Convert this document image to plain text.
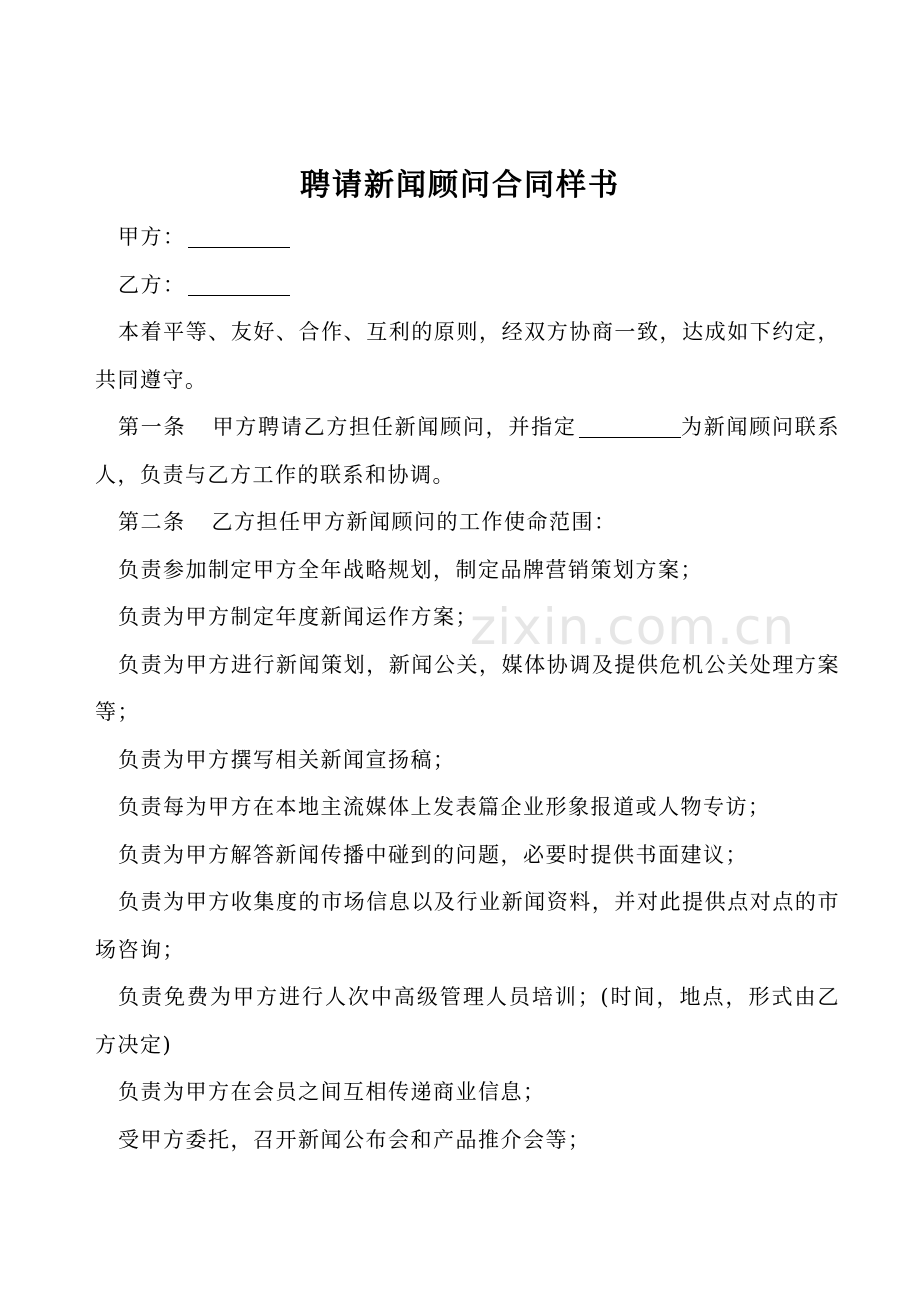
聘请新闻顾问合同样书

甲方：

乙方：

本着平等、友好、合作、互利的原则，经双方协商一致，达成如下约定，共同遵守。

第一条 甲方聘请乙方担任新闻顾问，并指定	为新闻顾问联系人，负责与乙方工作的联系和协调。

第二条 乙方担任甲方新闻顾问的工作使命范围：

负责参加制定甲方全年战略规划，制定品牌营销策划方案；

负责为甲方制定年度新闻运作方案；

负责为甲方进行新闻策划，新闻公关，媒体协调及提供危机公关处理方案等；

负责为甲方撰写相关新闻宣扬稿；

负责每为甲方在本地主流媒体上发表篇企业形象报道或人物专访；

负责为甲方解答新闻传播中碰到的问题，必要时提供书面建议；

负责为甲方收集度的市场信息以及行业新闻资料，并对此提供点对点的市场咨询；

负责免费为甲方进行人次中高级管理人员培训；(时间，地点，形式由乙方决定)

负责为甲方在会员之间互相传递商业信息；

受甲方委托，召开新闻公布会和产品推介会等；

zixin.com.cn
